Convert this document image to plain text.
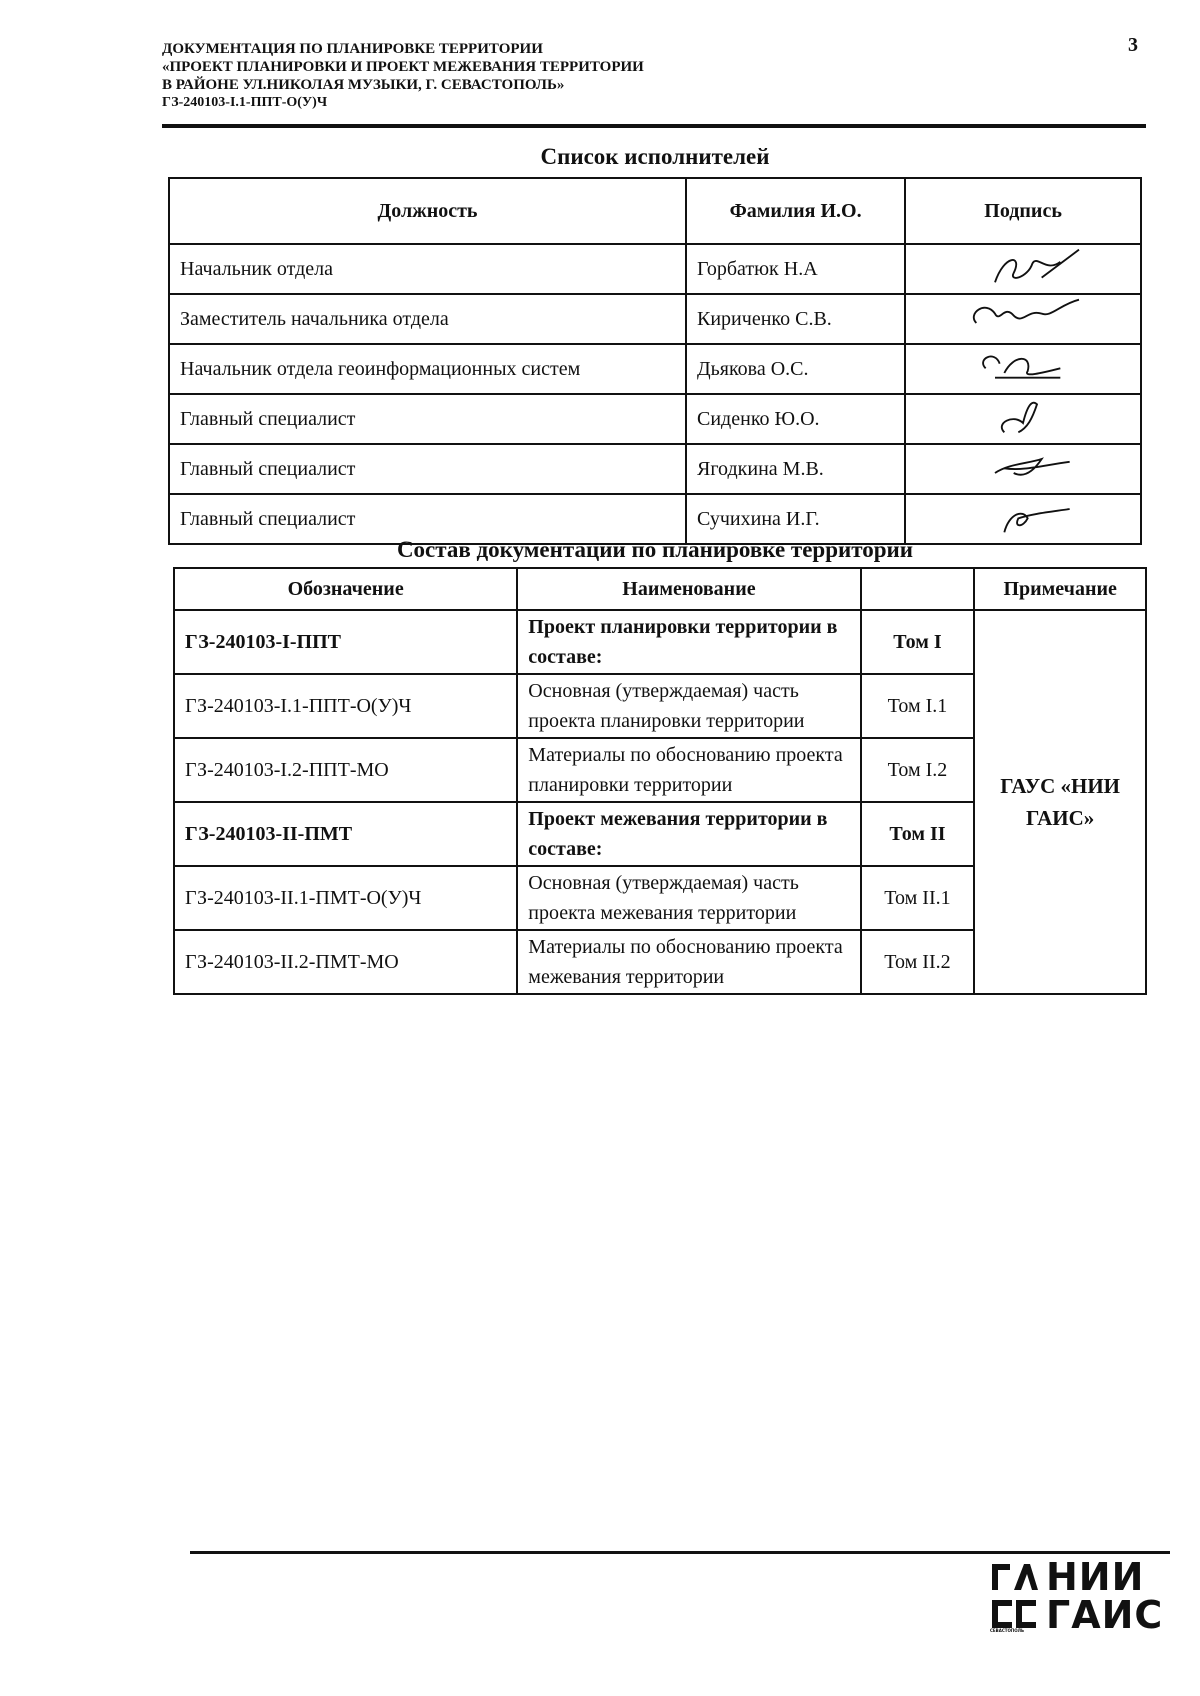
ДОКУМЕНТАЦИЯ ПО ПЛАНИРОВКЕ ТЕРРИТОРИИ
«ПРОЕКТ ПЛАНИРОВКИ И ПРОЕКТ МЕЖЕВАНИЯ ТЕРРИТОРИИ
В РАЙОНЕ УЛ.НИКОЛАЯ МУЗЫКИ, Г. СЕВАСТОПОЛЬ»
ГЗ-240103-I.1-ППТ-О(У)Ч
3
Список исполнителей
Должность	Фамилия И.О.	Подпись
Начальник отдела	Горбатюк Н.А	
Заместитель начальника отдела	Кириченко С.В.	
Начальник отдела геоинформационных систем	Дьякова О.С.	
Главный специалист	Сиденко Ю.О.	
Главный специалист	Ягодкина М.В.	
Главный специалист	Сучихина И.Г.	
Состав документации по планировке территории
Обозначение	Наименование		Примечание
ГЗ-240103-I-ППТ	Проект планировки территории в составе:	Том I	ГАУС «НИИ ГАИС»
ГЗ-240103-I.1-ППТ-О(У)Ч	Основная (утверждаемая) часть проекта планировки территории	Том I.1	
ГЗ-240103-I.2-ППТ-МО	Материалы по обоснованию проекта планировки территории	Том I.2	
ГЗ-240103-II-ПМТ	Проект межевания территории в составе:	Том II	
ГЗ-240103-II.1-ПМТ-О(У)Ч	Основная (утверждаемая) часть проекта межевания территории	Том II.1	
ГЗ-240103-II.2-ПМТ-МО	Материалы по обоснованию проекта межевания территории	Том II.2	
НИИ
ГАИС
СЕВАСТОПОЛЬ
